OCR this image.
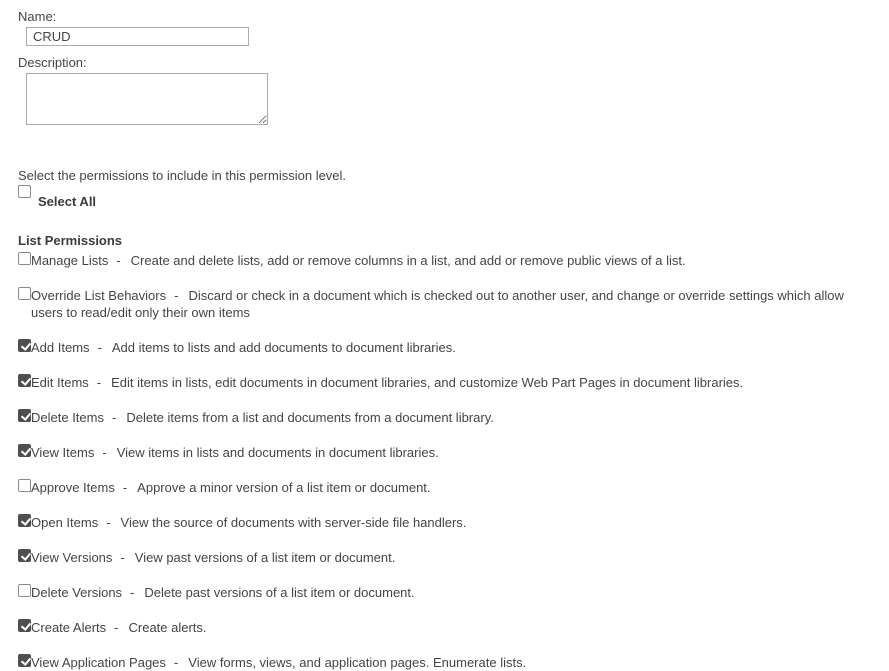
Name:
CRUD
Description:
Select the permissions to include in this permission level.
Select All
List Permissions
Manage Lists - Create and delete lists, add or remove columns in a list, and add or remove public views of a list.
Override List Behaviors - Discard or check in a document which is checked out to another user, and change or override settings which allow users to read/edit only their own items
Add Items - Add items to lists and add documents to document libraries.
Edit Items - Edit items in lists, edit documents in document libraries, and customize Web Part Pages in document libraries.
Delete Items - Delete items from a list and documents from a document library.
View Items - View items in lists and documents in document libraries.
Approve Items - Approve a minor version of a list item or document.
Open Items - View the source of documents with server-side file handlers.
View Versions - View past versions of a list item or document.
Delete Versions - Delete past versions of a list item or document.
Create Alerts - Create alerts.
View Application Pages - View forms, views, and application pages. Enumerate lists.
